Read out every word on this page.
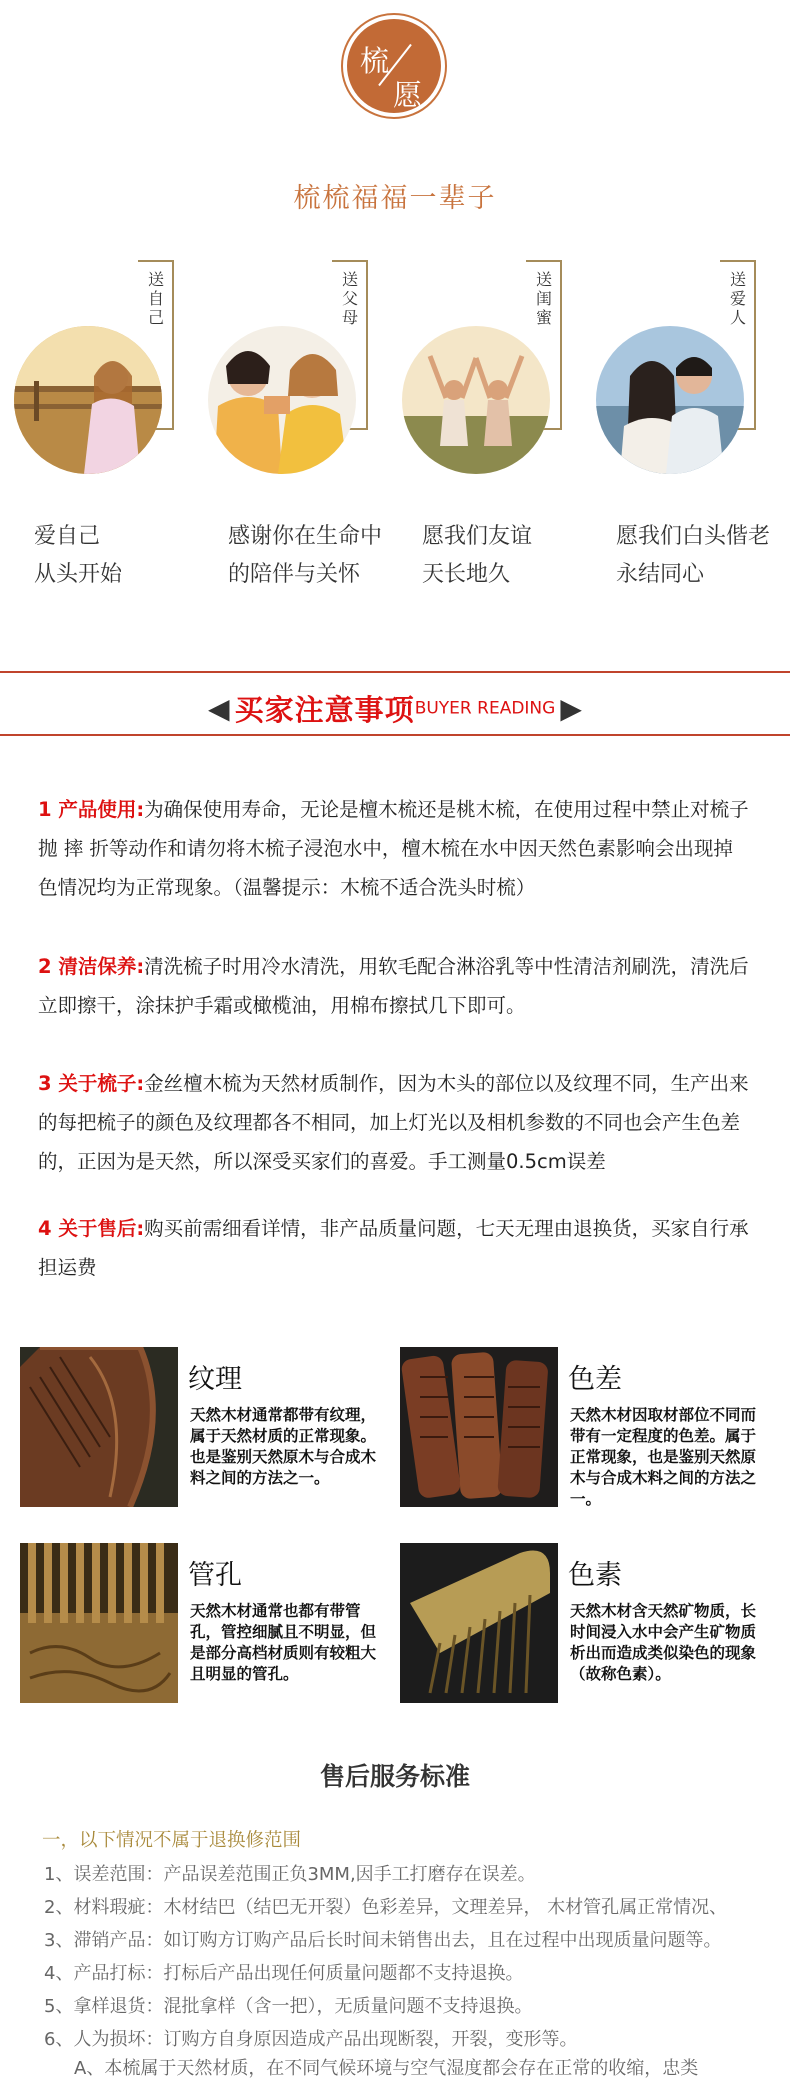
梳
愿
梳梳福福一辈子
送自己
爱自己
从头开始
送父母
感谢你在生命中
的陪伴与关怀
送闺蜜
愿我们友谊
天长地久
送爱人
愿我们白头偕老
永结同心
◀ 买家注意事项BUYER READING ▶
1 产品使用:为确保使用寿命，无论是檀木梳还是桃木梳，在使用过程中禁止对梳子抛 摔 折等动作和请勿将木梳子浸泡水中，檀木梳在水中因天然色素影响会出现掉色情况均为正常现象。（温馨提示：木梳不适合洗头时梳）
2 清洁保养:清洗梳子时用冷水清洗，用软毛配合淋浴乳等中性清洁剂刷洗，清洗后立即擦干，涂抹护手霜或橄榄油，用棉布擦拭几下即可。
3 关于梳子:金丝檀木梳为天然材质制作，因为木头的部位以及纹理不同，生产出来的每把梳子的颜色及纹理都各不相同，加上灯光以及相机参数的不同也会产生色差的，正因为是天然，所以深受买家们的喜爱。手工测量0.5cm误差
4 关于售后:购买前需细看详情，非产品质量问题，七天无理由退换货，买家自行承担运费
纹理
天然木材通常都带有纹理，属于天然材质的正常现象。也是鉴别天然原木与合成木料之间的方法之一。
色差
天然木材因取材部位不同而带有一定程度的色差。属于正常现象，也是鉴别天然原木与合成木料之间的方法之一。
管孔
天然木材通常也都有带管孔，管控细腻且不明显，但是部分高档材质则有较粗大且明显的管孔。
色素
天然木材含天然矿物质，长时间浸入水中会产生矿物质析出而造成类似染色的现象（故称色素）。
售后服务标准
一，以下情况不属于退换修范围
1、误差范围：产品误差范围正负3MM,因手工打磨存在误差。
2、材料瑕疵：木材结巴（结巴无开裂）色彩差异，文理差异， 木材管孔属正常情况、
3、滞销产品：如订购方订购产品后长时间未销售出去，且在过程中出现质量问题等。
4、产品打标：打标后产品出现任何质量问题都不支持退换。
5、拿样退货：混批拿样（含一把），无质量问题不支持退换。
6、人为损坏：订购方自身原因造成产品出现断裂，开裂，变形等。
A、本梳属于天然材质，在不同气候环境与空气湿度都会存在正常的收缩，忠类
